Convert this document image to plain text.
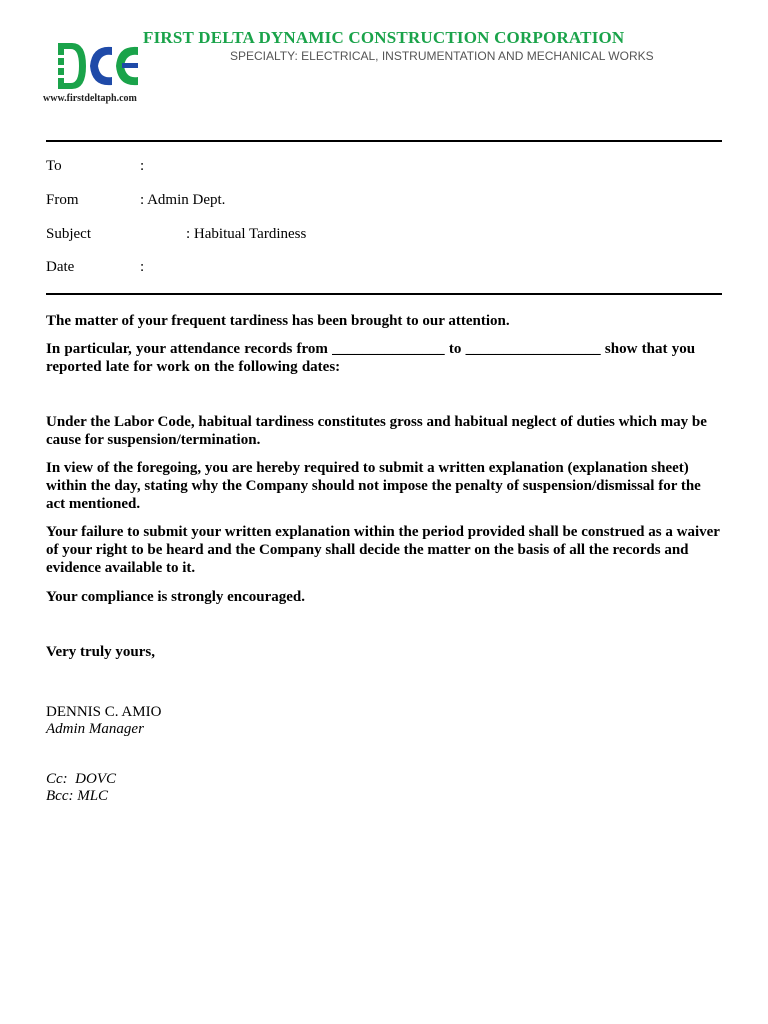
FIRST DELTA DYNAMIC CONSTRUCTION CORPORATION
SPECIALTY: ELECTRICAL, INSTRUMENTATION AND MECHANICAL WORKS
www.firstdeltaph.com
To	:
From	: Admin Dept.
Subject	: Habitual Tardiness
Date	:
The matter of your frequent tardiness has been brought to our attention.
In particular, your attendance records from _______________ to __________________ show that you reported late for work on the following dates:
Under the Labor Code, habitual tardiness constitutes gross and habitual neglect of duties which may be cause for suspension/termination.
In view of the foregoing, you are hereby required to submit a written explanation (explanation sheet) within the day, stating why the Company should not impose the penalty of suspension/dismissal for the act mentioned.
Your failure to submit your written explanation within the period provided shall be construed as a waiver of your right to be heard and the Company shall decide the matter on the basis of all the records and evidence available to it.
Your compliance is strongly encouraged.
Very truly yours,
DENNIS C. AMIO
Admin Manager
Cc:  DOVC
Bcc: MLC
